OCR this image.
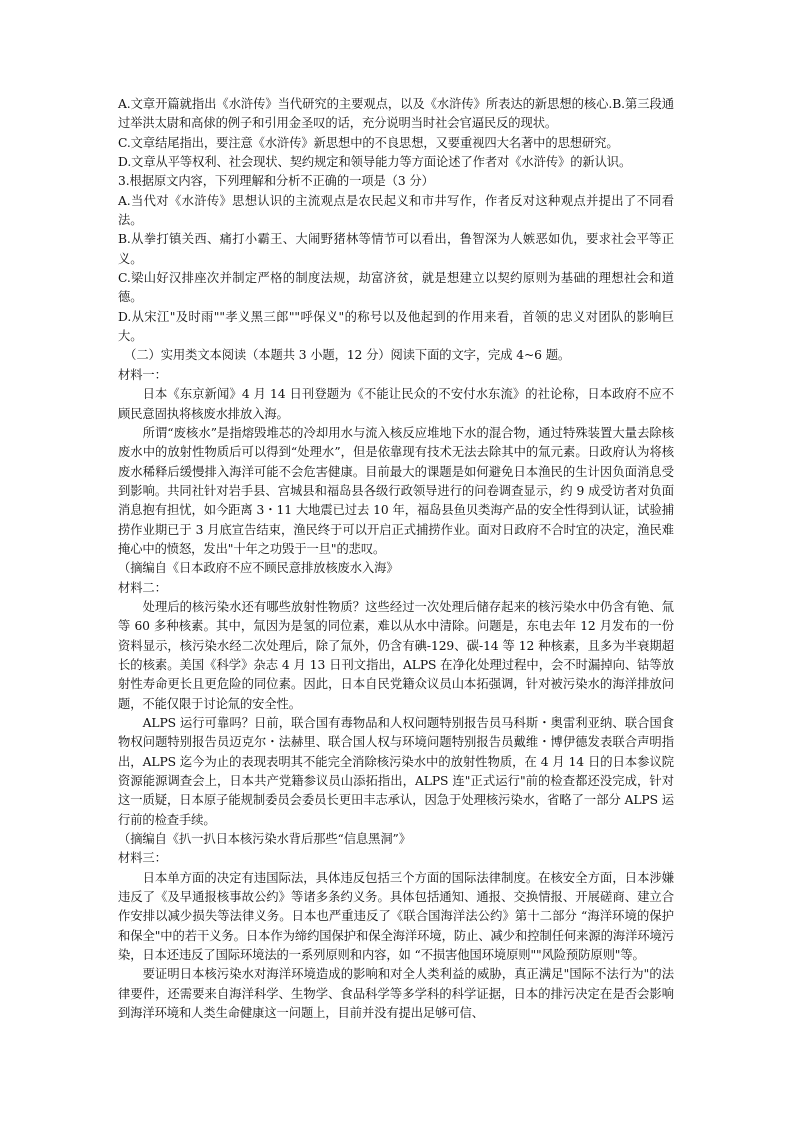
A.文章开篇就指出《水浒传》当代研究的主要观点，以及《水浒传》所表达的新思想的核心.B.第三段通过举洪太尉和高俅的例子和引用金圣叹的话，充分说明当时社会官逼民反的现状。

C.文章结尾指出，要注意《水浒传》新思想中的不良思想，又要重视四大名著中的思想研究。

D.文章从平等权利、社会现状、契约规定和领导能力等方面论述了作者对《水浒传》的新认识。

3.根据原文内容，下列理解和分析不正确的一项是（3 分）

A.当代对《水浒传》思想认识的主流观点是农民起义和市井写作，作者反对这种观点并提出了不同看法。

B.从拳打镇关西、痛打小霸王、大闹野猪林等情节可以看出，鲁智深为人嫉恶如仇，要求社会平等正义。

C.梁山好汉排座次并制定严格的制度法规，劫富济贫，就是想建立以契约原则为基础的理想社会和道德。

D.从宋江"及时雨""孝义黑三郎""呼保义"的称号以及他起到的作用来看，首领的忠义对团队的影响巨大。

（二）实用类文本阅读（本题共 3 小题，12 分）阅读下面的文字，完成 4~6 题。

材料一：

日本《东京新闻》4 月 14 日刊登题为《不能让民众的不安付水东流》的社论称，日本政府不应不顾民意固执将核废水排放入海。

所谓“废核水”是指熔毁堆芯的冷却用水与流入核反应堆地下水的混合物，通过特殊装置大量去除核废水中的放射性物质后可以得到“处理水”，但是依靠现有技术无法去除其中的氚元素。日政府认为将核废水稀释后缓慢排入海洋可能不会危害健康。目前最大的课题是如何避免日本渔民的生计因负面消息受到影响。共同社针对岩手县、宫城县和福岛县各级行政领导进行的问卷调查显示，约 9 成受访者对负面消息抱有担忧，如今距离 3・11 大地震已过去 10 年，福岛县鱼贝类海产品的安全性得到认证，试验捕捞作业期已于 3 月底宣告结束，渔民终于可以开启正式捕捞作业。面对日政府不合时宜的决定，渔民难掩心中的愤怒，发出"十年之功毁于一旦"的悲叹。

（摘编自《日本政府不应不顾民意排放核废水入海》

材料二：

处理后的核污染水还有哪些放射性物质？这些经过一次处理后储存起来的核污染水中仍含有铯、氚等 60 多种核素。其中，氚因为是氢的同位素，难以从水中清除。问题是，东电去年 12 月发布的一份资料显示，核污染水经二次处理后，除了氚外，仍含有碘-129、碳-14 等 12 种核素，且多为半衰期超长的核素。美国《科学》杂志 4 月 13 日刊文指出，ALPS 在净化处理过程中，会不时漏掉向、钴等放射性寿命更长且更危险的同位素。因此，日本自民党籍众议员山本拓强调，针对被污染水的海洋排放问题，不能仅限于讨论氚的安全性。

ALPS 运行可靠吗？日前，联合国有毒物品和人权问题特别报告员马科斯・奥雷利亚纳、联合国食物权问题特别报告员迈克尔・法赫里、联合国人权与环境问题特别报告员戴维・博伊德发表联合声明指出，ALPS 迄今为止的表现表明其不能完全消除核污染水中的放射性物质，在 4 月 14 日的日本参议院资源能源调查会上，日本共产党籍参议员山添拓指出，ALPS 连"正式运行"前的检查都还没完成，针对这一质疑，日本原子能规制委员会委员长更田丰志承认，因急于处理核污染水，省略了一部分 ALPS 运行前的检查手续。

（摘编自《扒一扒日本核污染水背后那些“信息黑洞”》

材料三：

日本单方面的决定有违国际法，具体违反包括三个方面的国际法律制度。在核安全方面，日本涉嫌违反了《及早通报核事故公约》等诸多条约义务。具体包括通知、通报、交换情报、开展磋商、建立合作安排以减少损失等法律义务。日本也严重违反了《联合国海洋法公约》第十二部分 “海洋环境的保护和保全"中的若干义务。日本作为缔约国保护和保全海洋环境，防止、减少和控制任何来源的海洋环境污染，日本还违反了国际环境法的一系列原则和内容，如 “不损害他国环境原则""风险预防原则"等。

要证明日本核污染水对海洋环境造成的影响和对全人类利益的威胁，真正满足"国际不法行为"的法律要件，还需要来自海洋科学、生物学、食品科学等多学科的科学证据，日本的排污决定在是否会影响到海洋环境和人类生命健康这一问题上，目前并没有提出足够可信、
